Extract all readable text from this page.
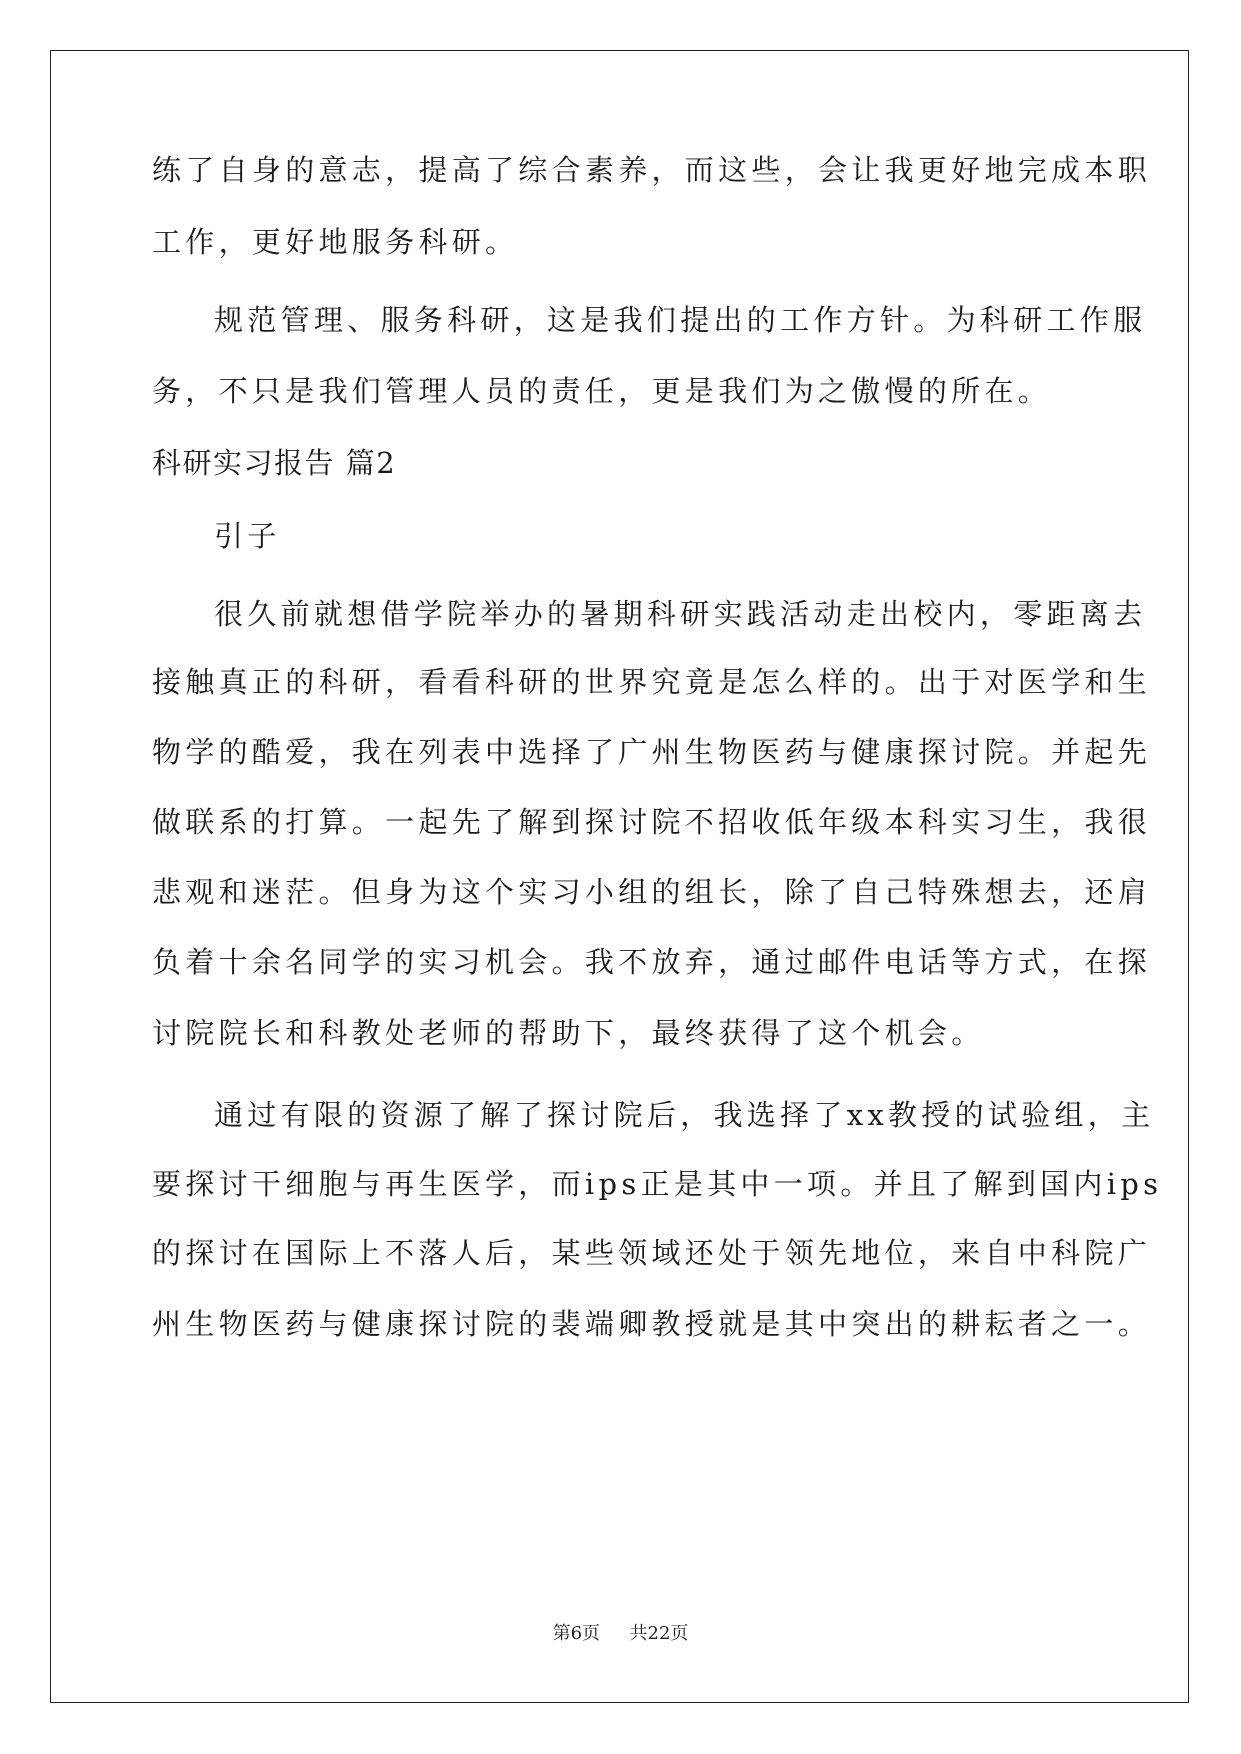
练了自身的意志，提高了综合素养，而这些，会让我更好地完成本职
工作，更好地服务科研。
规范管理、服务科研，这是我们提出的工作方针。为科研工作服
务，不只是我们管理人员的责任，更是我们为之傲慢的所在。
科研实习报告 篇2
引子
很久前就想借学院举办的暑期科研实践活动走出校内，零距离去
接触真正的科研，看看科研的世界究竟是怎么样的。出于对医学和生
物学的酷爱，我在列表中选择了广州生物医药与健康探讨院。并起先
做联系的打算。一起先了解到探讨院不招收低年级本科实习生，我很
悲观和迷茫。但身为这个实习小组的组长，除了自己特殊想去，还肩
负着十余名同学的实习机会。我不放弃，通过邮件电话等方式，在探
讨院院长和科教处老师的帮助下，最终获得了这个机会。
通过有限的资源了解了探讨院后，我选择了xx教授的试验组，主
要探讨干细胞与再生医学，而ips正是其中一项。并且了解到国内ips
的探讨在国际上不落人后，某些领域还处于领先地位，来自中科院广
州生物医药与健康探讨院的裴端卿教授就是其中突出的耕耘者之一。
第6页 共22页
